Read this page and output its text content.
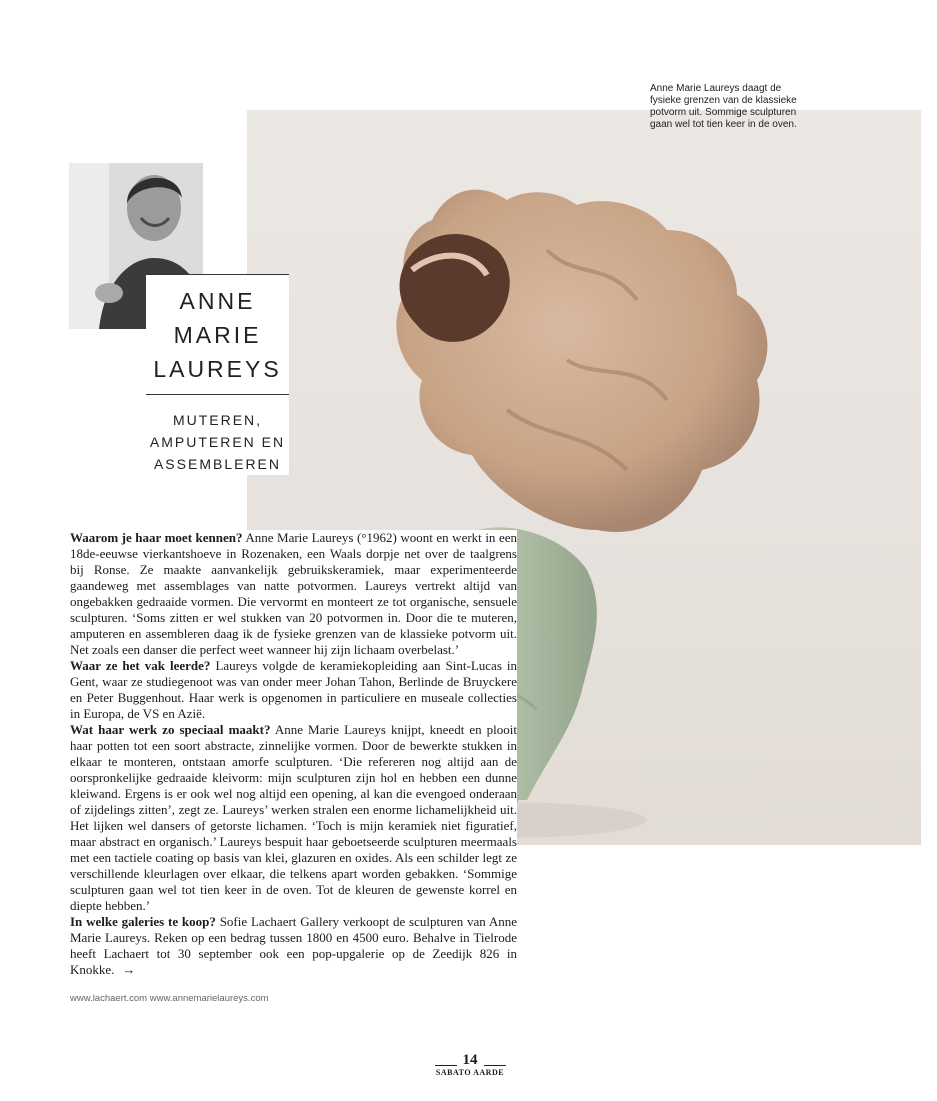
Anne Marie Laureys daagt de fysieke grenzen van de klassieke potvorm uit. Sommige sculpturen gaan wel tot tien keer in de oven.
ANNE
MARIE
LAUREYS
MUTEREN,
AMPUTEREN EN
ASSEMBLEREN

Waarom je haar moet kennen? Anne Marie Laureys (°1962) woont en werkt in een 18de-eeuwse vierkantshoeve in Rozenaken, een Waals dorpje net over de taalgrens bij Ronse. Ze maakte aanvankelijk gebruikskeramiek, maar experimenteerde gaandeweg met assemblages van natte potvormen. Laureys vertrekt altijd van ongebakken gedraaide vormen. Die vervormt en monteert ze tot organische, sensuele sculpturen. ‘Soms zitten er wel stukken van 20 potvormen in. Door die te muteren, amputeren en assembleren daag ik de fysieke grenzen van de klassieke potvorm uit. Net zoals een danser die perfect weet wanneer hij zijn lichaam overbelast.’

Waar ze het vak leerde? Laureys volgde de keramiekopleiding aan Sint-Lucas in Gent, waar ze studiegenoot was van onder meer Johan Tahon, Berlinde de Bruyckere en Peter Buggenhout. Haar werk is opgenomen in particuliere en museale collecties in Europa, de VS en Azië.

Wat haar werk zo speciaal maakt? Anne Marie Laureys knijpt, kneedt en plooit haar potten tot een soort abstracte, zinnelijke vormen. Door de bewerkte stukken in elkaar te monteren, ontstaan amorfe sculpturen. ‘Die refereren nog altijd aan de oorspronkelijke gedraaide kleivorm: mijn sculpturen zijn hol en hebben een dunne kleiwand. Ergens is er ook wel nog altijd een opening, al kan die evengoed onderaan of zijdelings zitten’, zegt ze. Laureys’ werken stralen een enorme lichamelijkheid uit. Het lijken wel dansers of getorste lichamen. ‘Toch is mijn keramiek niet figuratief, maar abstract en organisch.’ Laureys bespuit haar geboetseerde sculpturen meermaals met een tactiele coating op basis van klei, glazuren en oxides. Als een schilder legt ze verschillende kleurlagen over elkaar, die telkens apart worden gebakken. ‘Sommige sculpturen gaan wel tot tien keer in de oven. Tot de kleuren de gewenste korrel en diepte hebben.’

In welke galeries te koop? Sofie Lachaert Gallery verkoopt de sculpturen van Anne Marie Laureys. Reken op een bedrag tussen 1800 en 4500 euro. Behalve in Tielrode heeft Lachaert tot 30 september ook een pop-upgalerie op de Zeedijk 826 in Knokke. →

www.lachaert.com www.annemarielaureys.com
14
SABATO AARDE
